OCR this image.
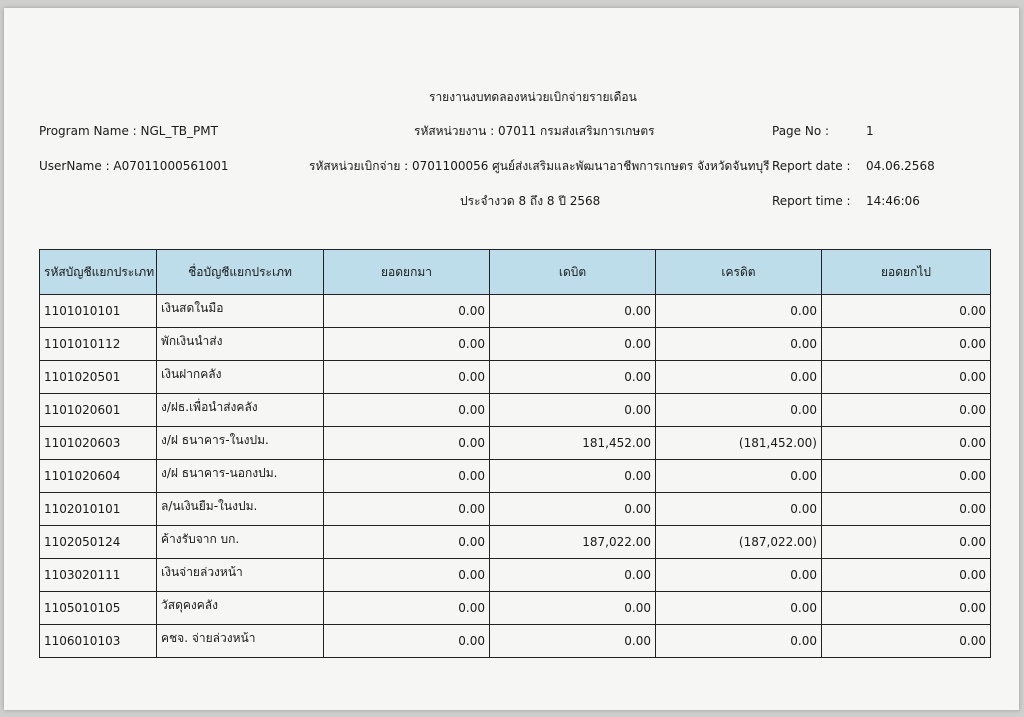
รายงานงบทดลองหน่วยเบิกจ่ายรายเดือน
Program Name : NGL_TB_PMT	รหัสหน่วยงาน : 07011 กรมส่งเสริมการเกษตร	Page No :	1
UserName : A07011000561001	รหัสหน่วยเบิกจ่าย : 0701100056 ศูนย์ส่งเสริมและพัฒนาอาชีพการเกษตร จังหวัดจันทบุรี Report date : 04.06.2568
ประจำงวด 8 ถึง 8 ปี 2568	Report time : 14:46:06
รหัสบัญชีแยกประเภท	ชื่อบัญชีแยกประเภท	ยอดยกมา	เดบิต	เครดิต	ยอดยกไป
1101010101	เงินสดในมือ	0.00	0.00	0.00	0.00
1101010112	พักเงินนำส่ง	0.00	0.00	0.00	0.00
1101020501	เงินฝากคลัง	0.00	0.00	0.00	0.00
1101020601	ง/ฝธ.เพื่อนำส่งคลัง	0.00	0.00	0.00	0.00
1101020603	ง/ฝ ธนาคาร-ในงปม.	0.00	181,452.00	(181,452.00)	0.00
1101020604	ง/ฝ ธนาคาร-นอกงปม.	0.00	0.00	0.00	0.00
1102010101	ล/นเงินยืม-ในงปม.	0.00	0.00	0.00	0.00
1102050124	ค้างรับจาก บก.	0.00	187,022.00	(187,022.00)	0.00
1103020111	เงินจ่ายล่วงหน้า	0.00	0.00	0.00	0.00
1105010105	วัสดุคงคลัง	0.00	0.00	0.00	0.00
1106010103	คชจ. จ่ายล่วงหน้า	0.00	0.00	0.00	0.00
